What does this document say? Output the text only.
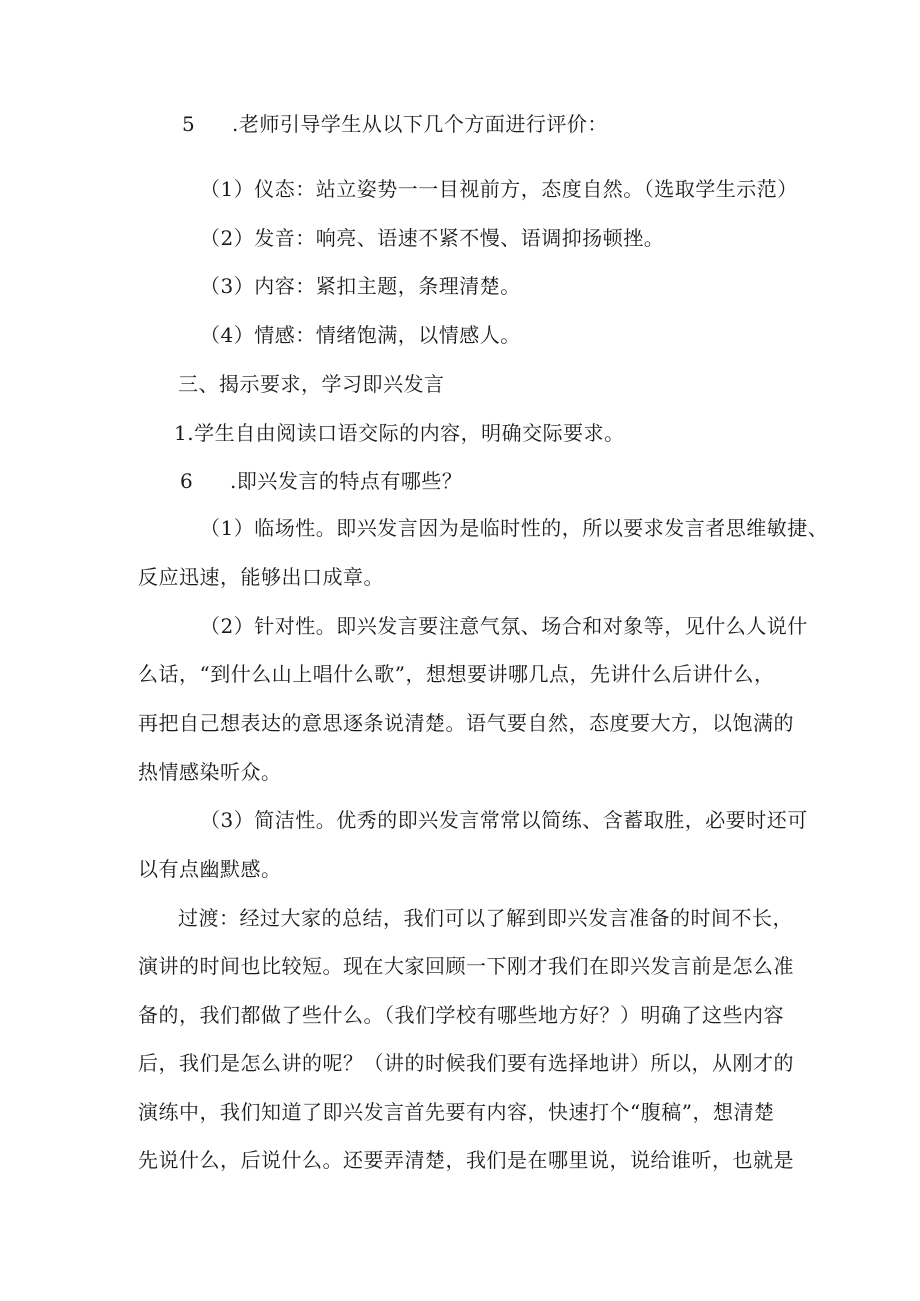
5 .老师引导学生从以下几个方面进行评价：
（1）仪态：站立姿势一一目视前方，态度自然。（选取学生示范）
（2）发音：响亮、语速不紧不慢、语调抑扬顿挫。
（3）内容：紧扣主题，条理清楚。
（4）情感：情绪饱满，以情感人。
三、揭示要求，学习即兴发言
1.学生自由阅读口语交际的内容，明确交际要求。
6 .即兴发言的特点有哪些？
（1）临场性。即兴发言因为是临时性的，所以要求发言者思维敏捷、
反应迅速，能够出口成章。
（2）针对性。即兴发言要注意气氛、场合和对象等，见什么人说什
么话，“到什么山上唱什么歌”，想想要讲哪几点，先讲什么后讲什么，
再把自己想表达的意思逐条说清楚。语气要自然，态度要大方，以饱满的
热情感染听众。
（3）简洁性。优秀的即兴发言常常以简练、含蓄取胜，必要时还可
以有点幽默感。
过渡：经过大家的总结，我们可以了解到即兴发言准备的时间不长，
演讲的时间也比较短。现在大家回顾一下刚才我们在即兴发言前是怎么准
备的，我们都做了些什么。（我们学校有哪些地方好？）明确了这些内容
后，我们是怎么讲的呢？（讲的时候我们要有选择地讲）所以，从刚才的
演练中，我们知道了即兴发言首先要有内容，快速打个“腹稿”，想清楚
先说什么，后说什么。还要弄清楚，我们是在哪里说，说给谁听，也就是
